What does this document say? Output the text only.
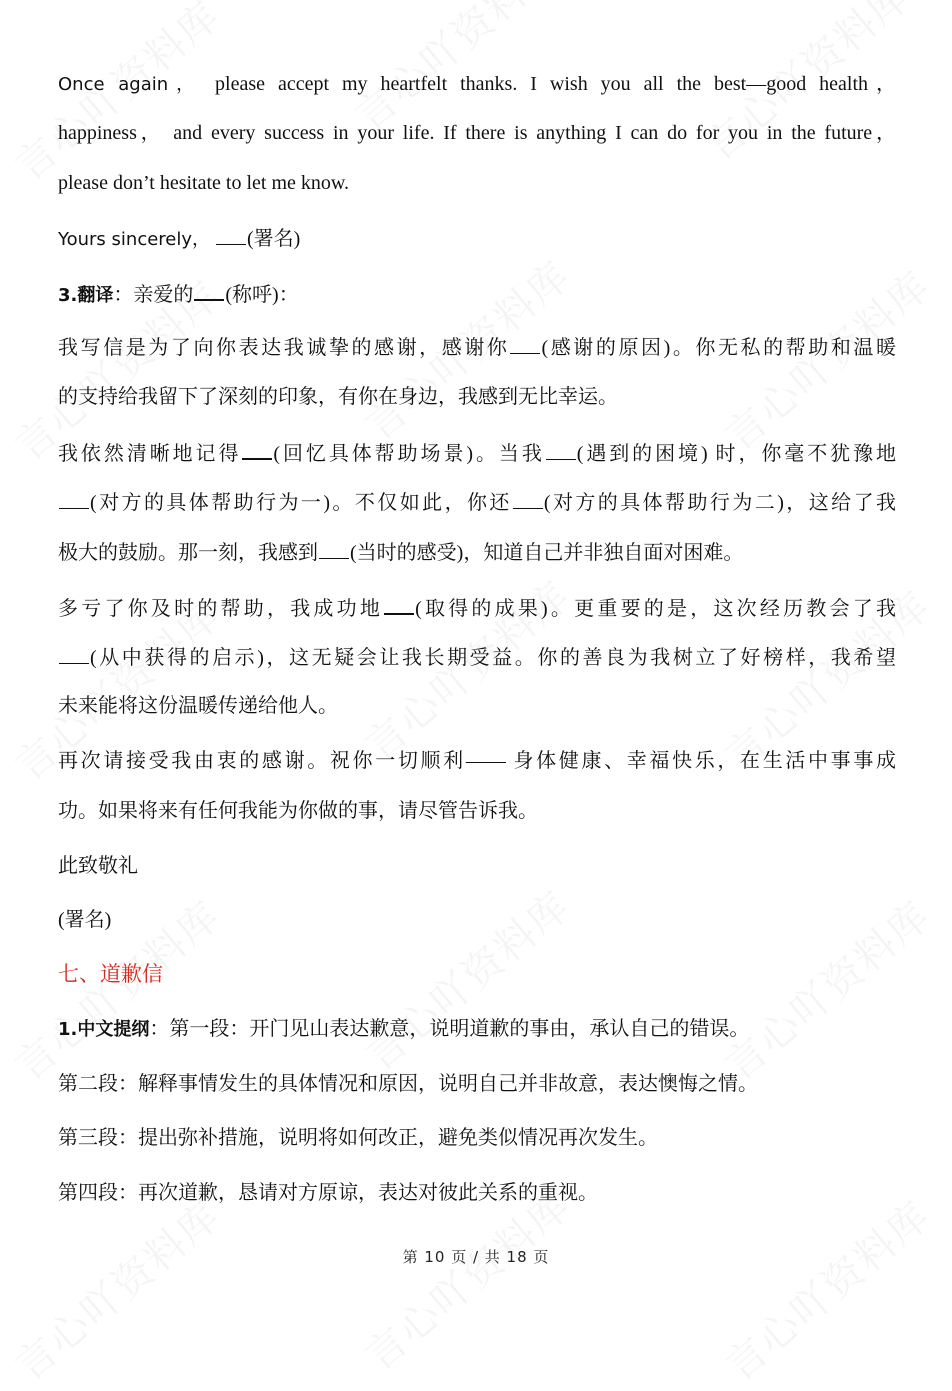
Once again， please accept my heartfelt thanks. I wish you all the best—good health，
happiness， and every success in your life. If there is anything I can do for you in the future，
please don’t hesitate to let me know.
Yours sincerely， (署名)
3.翻译：亲爱的 (称呼)：
我写信是为了向你表达我诚挚的感谢，感谢你 (感谢的原因)。你无私的帮助和温暖
的支持给我留下了深刻的印象，有你在身边，我感到无比幸运。
我依然清晰地记得 (回忆具体帮助场景)。当我 (遇到的困境) 时，你毫不犹豫地
(对方的具体帮助行为一)。不仅如此，你还 (对方的具体帮助行为二)，这给了我
极大的鼓励。那一刻，我感到 (当时的感受)，知道自己并非独自面对困难。
多亏了你及时的帮助，我成功地 (取得的成果)。更重要的是，这次经历教会了我
(从中获得的启示)，这无疑会让我长期受益。你的善良为我树立了好榜样，我希望
未来能将这份温暖传递给他人。
再次请接受我由衷的感谢。祝你一切顺利—— 身体健康、幸福快乐，在生活中事事成
功。如果将来有任何我能为你做的事，请尽管告诉我。
此致敬礼
(署名)
七、道歉信
1.中文提纲：第一段：开门见山表达歉意，说明道歉的事由，承认自己的错误。
第二段：解释事情发生的具体情况和原因，说明自己并非故意，表达懊悔之情。
第三段：提出弥补措施，说明将如何改正，避免类似情况再次发生。
第四段：再次道歉，恳请对方原谅，表达对彼此关系的重视。
第 10 页 / 共 18 页
